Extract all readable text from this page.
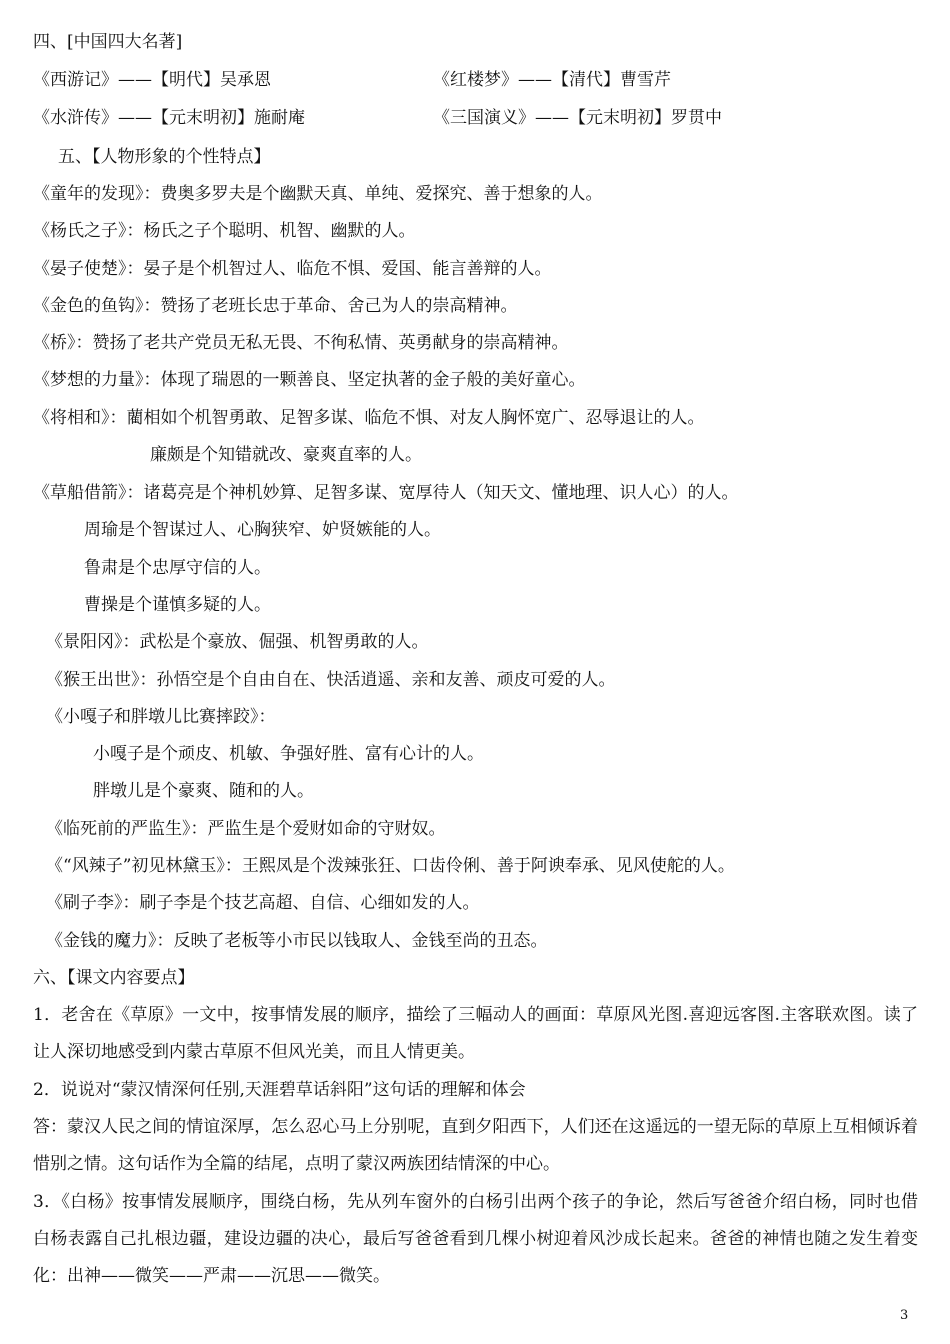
四、[中国四大名著]
《西游记》——【明代】吴承恩	《红楼梦》——【清代】曹雪芹
《水浒传》——【元末明初】施耐庵	《三国演义》——【元末明初】罗贯中
五、【人物形象的个性特点】
《童年的发现》：费奥多罗夫是个幽默天真、单纯、爱探究、善于想象的人。
《杨氏之子》：杨氏之子个聪明、机智、幽默的人。
《晏子使楚》：晏子是个机智过人、临危不惧、爱国、能言善辩的人。
《金色的鱼钩》：赞扬了老班长忠于革命、舍己为人的崇高精神。
《桥》：赞扬了老共产党员无私无畏、不徇私情、英勇献身的崇高精神。
《梦想的力量》：体现了瑞恩的一颗善良、坚定执著的金子般的美好童心。
《将相和》：藺相如个机智勇敢、足智多谋、临危不惧、对友人胸怀宽广、忍辱退让的人。
廉颇是个知错就改、豪爽直率的人。
《草船借箭》：诸葛亮是个神机妙算、足智多谋、宽厚待人（知天文、懂地理、识人心）的人。
周瑜是个智谋过人、心胸狭窄、妒贤嫉能的人。
鲁肃是个忠厚守信的人。
曹操是个谨慎多疑的人。
《景阳冈》：武松是个豪放、倔强、机智勇敢的人。
《猴王出世》：孙悟空是个自由自在、快活逍遥、亲和友善、顽皮可爱的人。
《小嘎子和胖墩儿比赛摔跤》：
小嘎子是个顽皮、机敏、争强好胜、富有心计的人。
胖墩儿是个豪爽、随和的人。
《临死前的严监生》：严监生是个爱财如命的守财奴。
《“风辣子”初见林黛玉》：王熙凤是个泼辣张狂、口齿伶俐、善于阿谀奉承、见风使舵的人。
《刷子李》：刷子李是个技艺高超、自信、心细如发的人。
《金钱的魔力》：反映了老板等小市民以钱取人、金钱至尚的丑态。
六、【课文内容要点】
1．老舍在《草原》一文中，按事情发展的顺序，描绘了三幅动人的画面：草原风光图.喜迎远客图.主客联欢图。读了让人深切地感受到内蒙古草原不但风光美，而且人情更美。
2．说说对“蒙汉情深何任别,天涯碧草话斜阳”这句话的理解和体会
答：蒙汉人民之间的情谊深厚，怎么忍心马上分别呢，直到夕阳西下，人们还在这遥远的一望无际的草原上互相倾诉着惜别之情。这句话作为全篇的结尾，点明了蒙汉两族团结情深的中心。
3．《白杨》按事情发展顺序，围绕白杨，先从列车窗外的白杨引出两个孩子的争论，然后写爸爸介绍白杨，同时也借白杨表露自己扎根边疆，建设边疆的决心，最后写爸爸看到几棵小树迎着风沙成长起来。爸爸的神情也随之发生着变化：出神——微笑——严肃——沉思——微笑。
3
